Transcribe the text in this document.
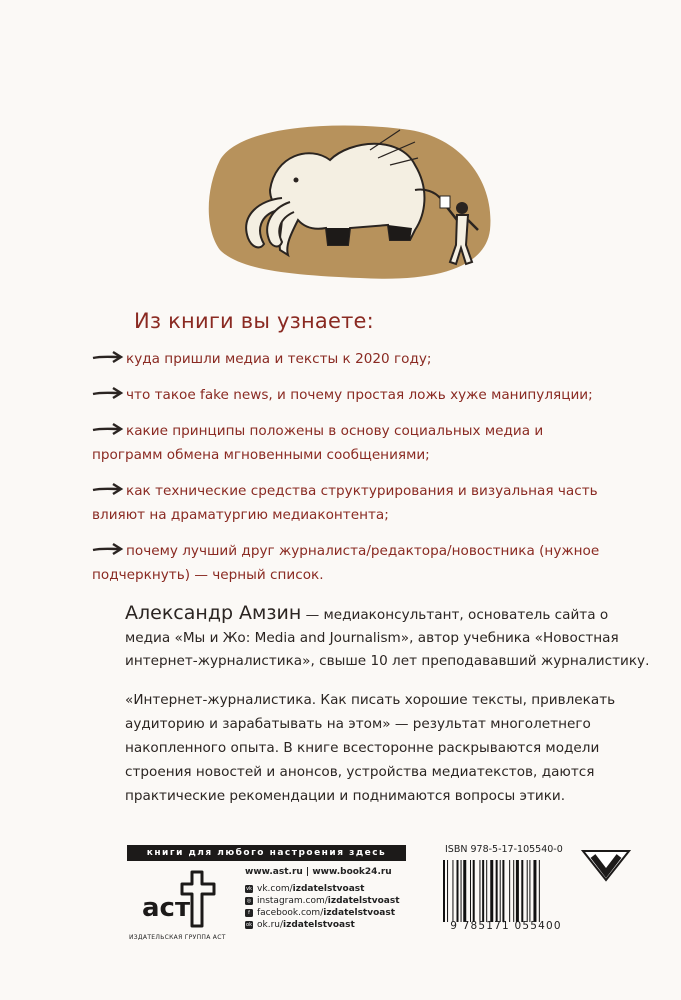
Из книги вы узнаете:
куда пришли медиа и тексты к 2020 году;
что такое fake news, и почему простая ложь хуже манипуляции;
какие принципы положены в основу социальных медиа и
программ обмена мгновенными сообщениями;
как технические средства структурирования и визуальная часть
влияют на драматургию медиаконтента;
почему лучший друг журналиста/редактора/новостника (нужное
подчеркнуть) — черный список.
Александр Амзин — медиаконсультант, основатель сайта о
медиа «Мы и Жо: Media and Journalism», автор учебника «Новостная
интернет-журналистика», свыше 10 лет преподававший журналистику.
«Интернет-журналистика. Как писать хорошие тексты, привлекать
аудиторию и зарабатывать на этом» — результат многолетнего
накопленного опыта. В книге всесторонне раскрываются модели
строения новостей и анонсов, устройства медиатекстов, даются
практические рекомендации и поднимаются вопросы этики.
книги для любого настроения здесь
аст
ИЗДАТЕЛЬСКАЯ ГРУППА АСТ
www.ast.ru | www.book24.ru
vk vk.com/ izdatelstvoast
◎ instagram.com/ izdatelstvoast
f facebook.com/ izdatelstvoast
ok ok.ru/ izdatelstvoast
ISBN 978-5-17-105540-0
9 785171 055400
